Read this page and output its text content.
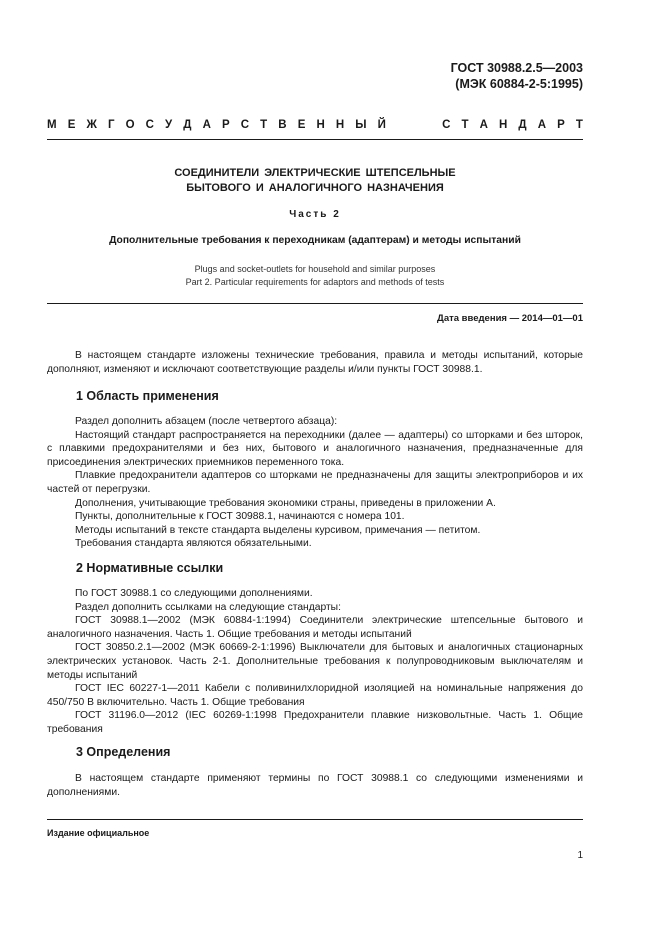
ГОСТ 30988.2.5—2003
(МЭК 60884-2-5:1995)
М Е Ж Г О С У Д А Р С Т В Е Н Н Ы Й	С Т А Н Д А Р Т
СОЕДИНИТЕЛИ ЭЛЕКТРИЧЕСКИЕ ШТЕПСЕЛЬНЫЕ
БЫТОВОГО И АНАЛОГИЧНОГО НАЗНАЧЕНИЯ
Часть 2
Дополнительные требования к переходникам (адаптерам) и методы испытаний
Plugs and socket-outlets for household and similar purposes
Part 2. Particular requirements for adaptors and methods of tests
Дата введения — 2014—01—01

В настоящем стандарте изложены технические требования, правила и методы испытаний, которые дополняют, изменяют и исключают соответствующие разделы и/или пункты ГОСТ 30988.1.

1 Область применения

Раздел дополнить абзацем (после четвертого абзаца):

Настоящий стандарт распространяется на переходники (далее — адаптеры) со шторками и без шторок, с плавкими предохранителями и без них, бытового и аналогичного назначения, предназначенные для присоединения электрических приемников переменного тока.

Плавкие предохранители адаптеров со шторками не предназначены для защиты электроприборов и их частей от перегрузки.

Дополнения, учитывающие требования экономики страны, приведены в приложении А.

Пункты, дополнительные к ГОСТ 30988.1, начинаются с номера 101.

Методы испытаний в тексте стандарта выделены курсивом, примечания — петитом.

Требования стандарта являются обязательными.

2 Нормативные ссылки

По ГОСТ 30988.1 со следующими дополнениями.

Раздел дополнить ссылками на следующие стандарты:

ГОСТ 30988.1—2002 (МЭК 60884-1:1994) Соединители электрические штепсельные бытового и аналогичного назначения. Часть 1. Общие требования и методы испытаний

ГОСТ 30850.2.1—2002 (МЭК 60669-2-1:1996) Выключатели для бытовых и аналогичных стационарных электрических установок. Часть 2-1. Дополнительные требования к полупроводниковым выключателям и методы испытаний

ГОСТ IEC 60227-1—2011 Кабели с поливинилхлоридной изоляцией на номинальные напряжения до 450/750 В включительно. Часть 1. Общие требования

ГОСТ 31196.0—2012 (IEC 60269-1:1998 Предохранители плавкие низковольтные. Часть 1. Общие требования

3 Определения

В настоящем стандарте применяют термины по ГОСТ 30988.1 со следующими изменениями и дополнениями.

Издание официальное
1
